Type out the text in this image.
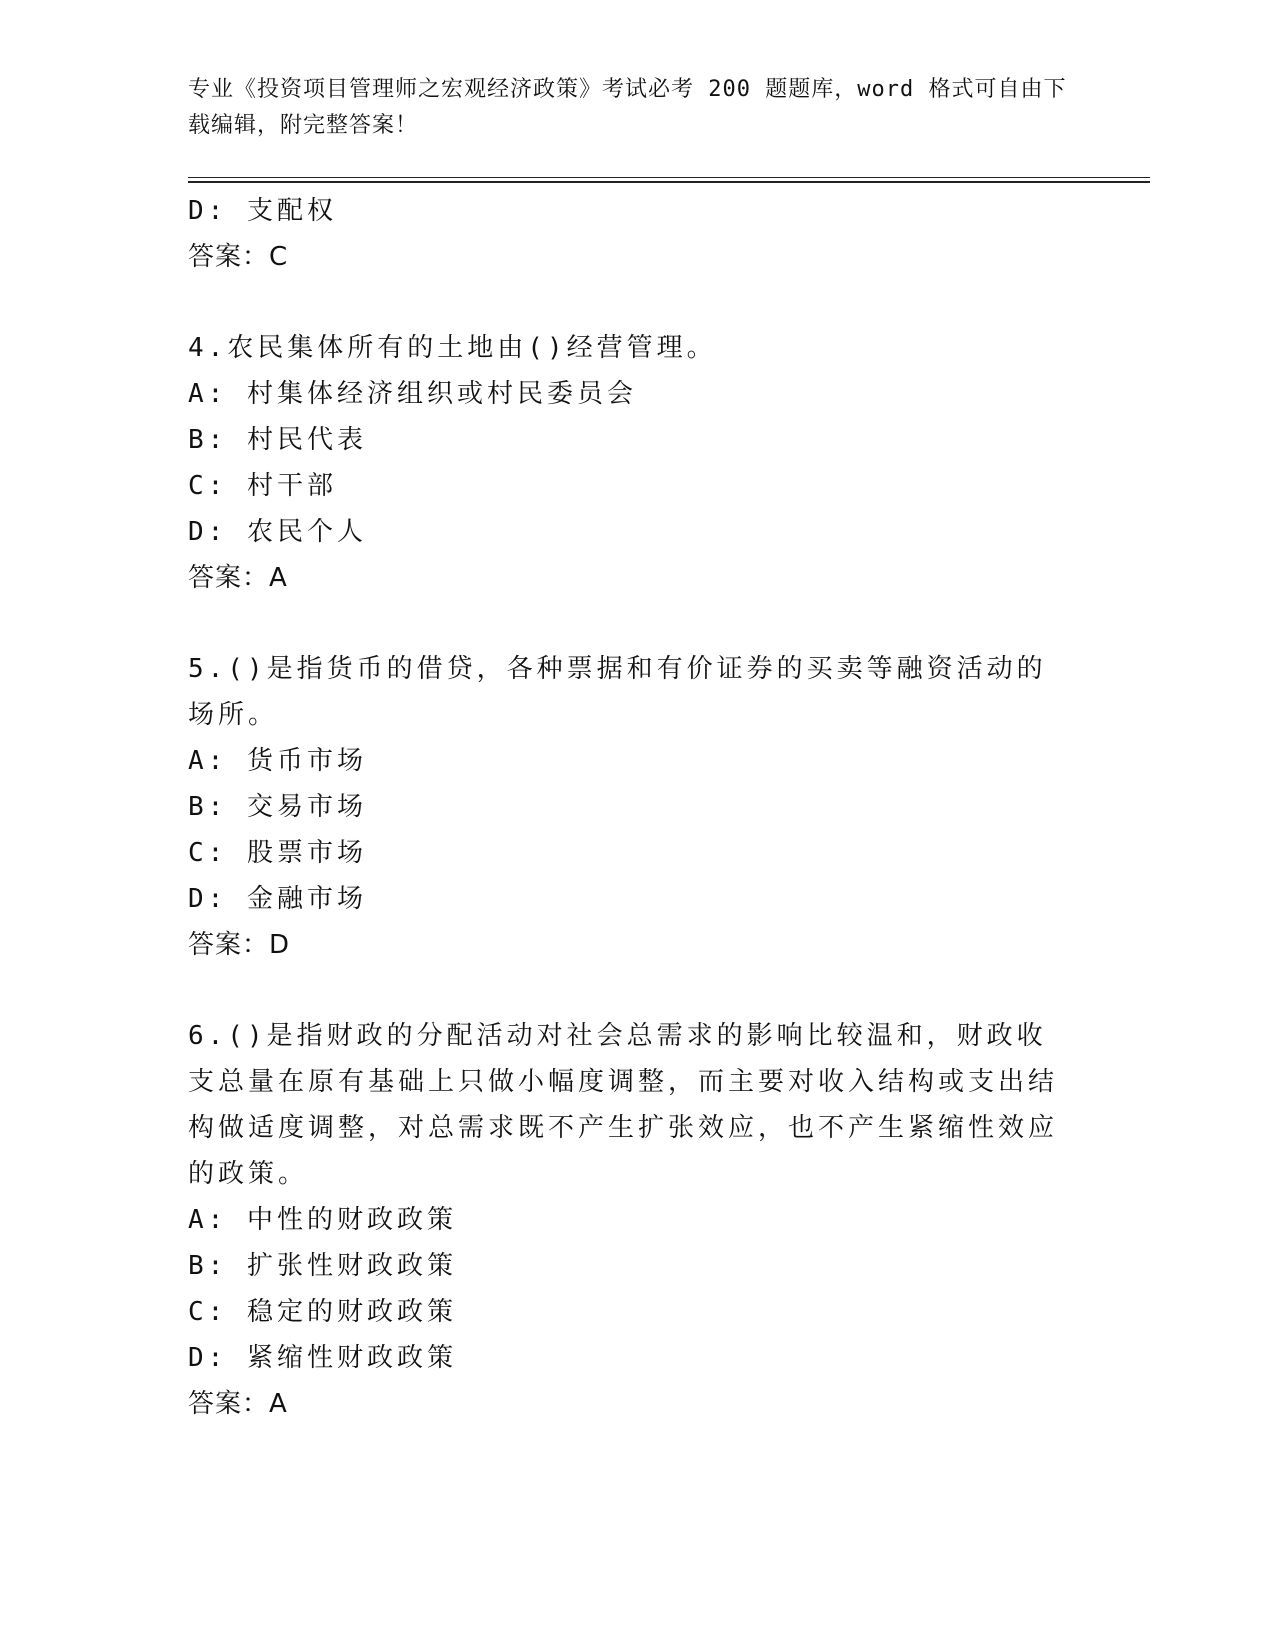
专业《投资项目管理师之宏观经济政策》考试必考 200 题题库，word 格式可自由下载编辑，附完整答案！
D: 支配权
答案：C
4.农民集体所有的土地由()经营管理。
A: 村集体经济组织或村民委员会
B: 村民代表
C: 村干部
D: 农民个人
答案：A
5.()是指货币的借贷，各种票据和有价证券的买卖等融资活动的场所。
A: 货币市场
B: 交易市场
C: 股票市场
D: 金融市场
答案：D
6.()是指财政的分配活动对社会总需求的影响比较温和，财政收支总量在原有基础上只做小幅度调整，而主要对收入结构或支出结构做适度调整，对总需求既不产生扩张效应，也不产生紧缩性效应的政策。
A: 中性的财政政策
B: 扩张性财政政策
C: 稳定的财政政策
D: 紧缩性财政政策
答案：A
